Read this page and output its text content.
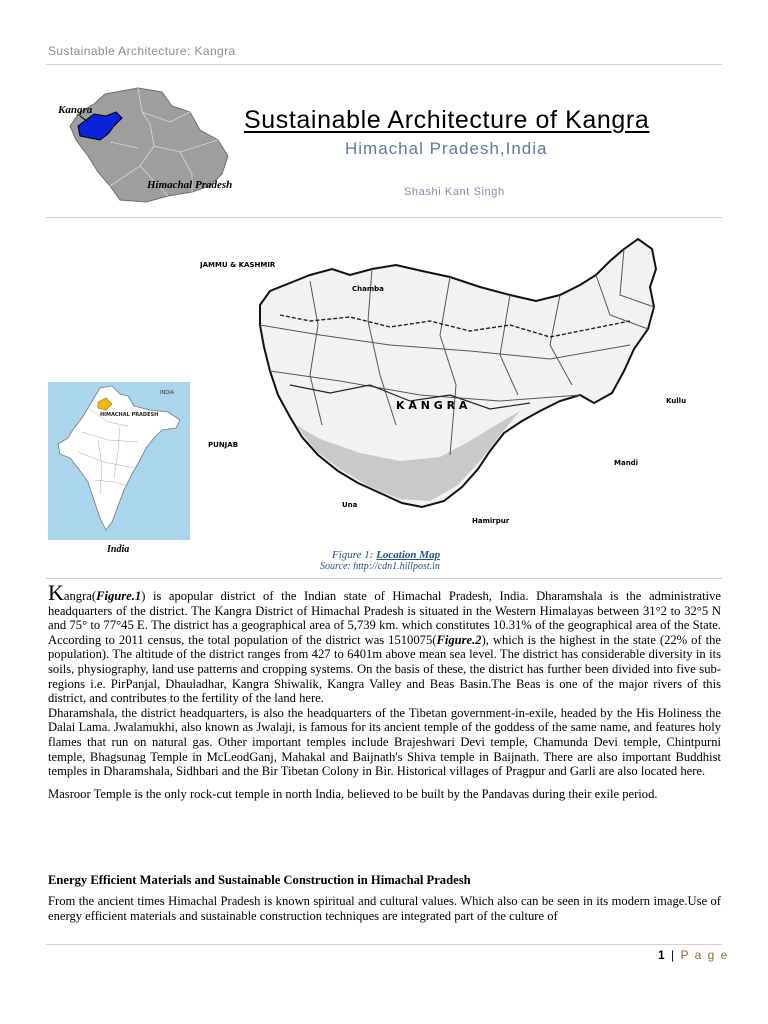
Sustainable Architecture: Kangra
Kangra
Himachal Pradesh
Sustainable Architecture of Kangra
Himachal Pradesh,India
Shashi Kant Singh
INDIA
HIMACHAL PRADESH
India
JAMMU & KASHMIR
Chamba
K A N G R A
PUNJAB
Una
Hamirpur
Mandi
Kullu
Figure 1: Location Map
Source: http://cdn1.hillpost.in
Kangra(Figure.1) is apopular district of the Indian state of Himachal Pradesh, India. Dharamshala is the administrative headquarters of the district. The Kangra District of Himachal Pradesh is situated in the Western Himalayas between 31°2 to 32°5 N and 75° to 77°45 E. The district has a geographical area of 5,739 km. which constitutes 10.31% of the geographical area of the State. According to 2011 census, the total population of the district was 1510075(Figure.2), which is the highest in the state (22% of the population). The altitude of the district ranges from 427 to 6401m above mean sea level. The district has considerable diversity in its soils, physiography, land use patterns and cropping systems. On the basis of these, the district has further been divided into five sub-regions i.e. PirPanjal, Dhauladhar, Kangra Shiwalik, Kangra Valley and Beas Basin.The Beas is one of the major rivers of this district, and contributes to the fertility of the land here.
Dharamshala, the district headquarters, is also the headquarters of the Tibetan government-in-exile, headed by the His Holiness the Dalai Lama. Jwalamukhi, also known as Jwalaji, is famous for its ancient temple of the goddess of the same name, and features holy flames that run on natural gas. Other important temples include Brajeshwari Devi temple, Chamunda Devi temple, Chintpurni temple, Bhagsunag Temple in McLeodGanj, Mahakal and Baijnath's Shiva temple in Baijnath. There are also important Buddhist temples in Dharamshala, Sidhbari and the Bir Tibetan Colony in Bir. Historical villages of Pragpur and Garli are also located here.
Masroor Temple is the only rock-cut temple in north India, believed to be built by the Pandavas during their exile period.
Energy Efficient Materials and Sustainable Construction in Himachal Pradesh
From the ancient times Himachal Pradesh is known spiritual and cultural values. Which also can be seen in its modern image.Use of energy efficient materials and sustainable construction techniques are integrated part of the culture of
1 | P a g e
